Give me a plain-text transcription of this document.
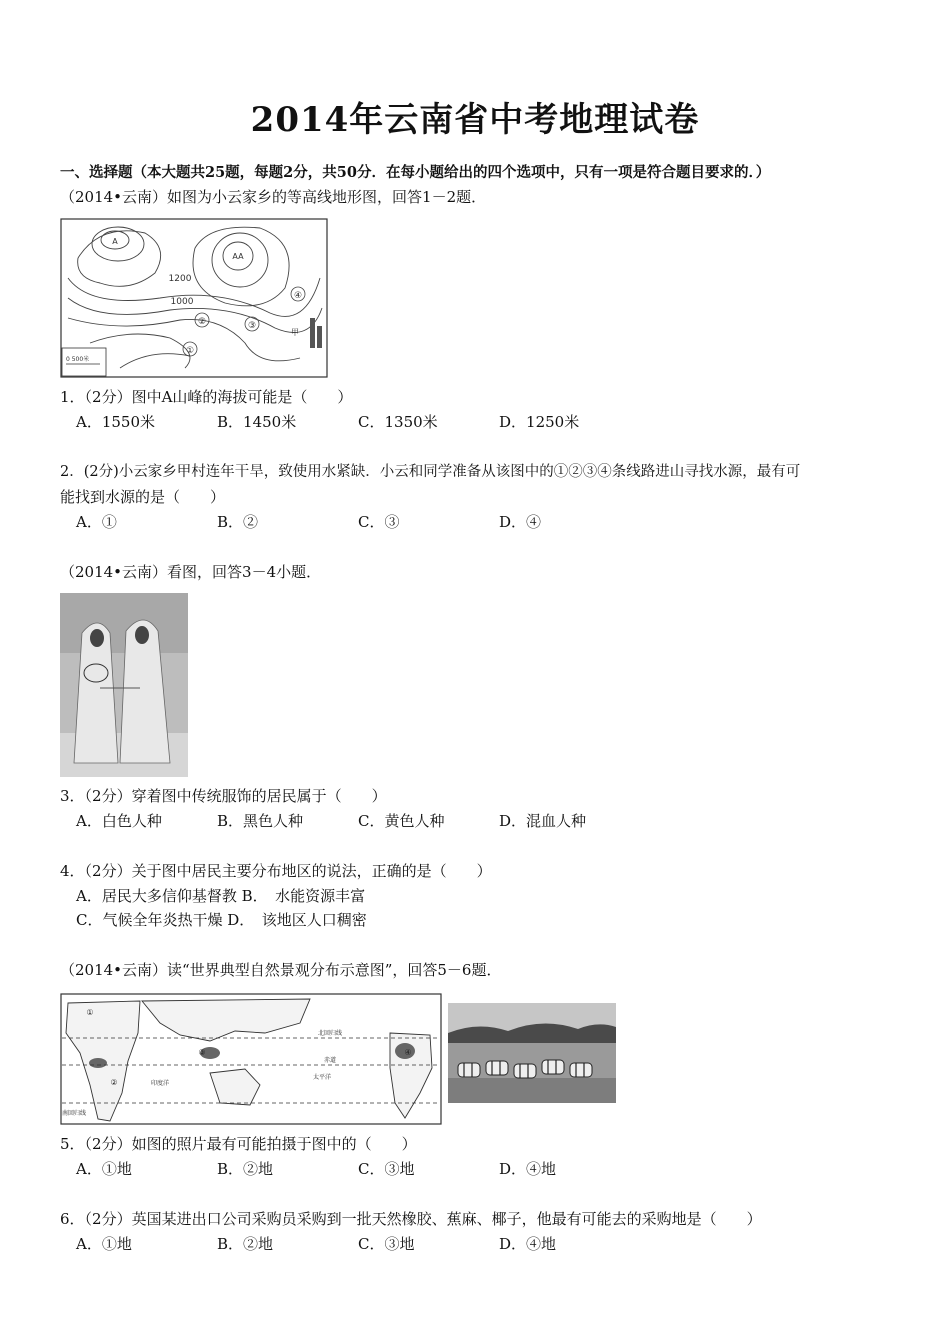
2014年云南省中考地理试卷
一、选择题（本大题共25题，每题2分，共50分．在每小题给出的四个选项中，只有一项是符合题目要求的．）
（2014•云南）如图为小云家乡的等高线地形图，回答1－2题．
1200
1000
②	③
④
①
A
AA
甲
0 500米
1．（2分）图中A山峰的海拔可能是（　　）
A．1550米	B．1450米	C．1350米	D．1250米
2．(2分)小云家乡甲村连年干旱，致使用水紧缺．小云和同学准备从该图中的①②③④条线路进山寻找水源，最有可
能找到水源的是（　　）
A．①	B．②	C．③	D．④
（2014•云南）看图，回答3－4小题．
3．（2分）穿着图中传统服饰的居民属于（　　）
A．白色人种	B．黑色人种	C．黄色人种	D．混血人种
4．（2分）关于图中居民主要分布地区的说法，正确的是（　　）
A．居民大多信仰基督教 B．　水能资源丰富
C．气候全年炎热干燥 D．　该地区人口稠密
（2014•云南）读“世界典型自然景观分布示意图”，回答5－6题．
①
②
③	④
北回归线
赤道
南回归线
印度洋
太平洋
5．（2分）如图的照片最有可能拍摄于图中的（　　）
A．①地	B．②地	C．③地	D．④地
6．（2分）英国某进出口公司采购员采购到一批天然橡胶、蕉麻、椰子，他最有可能去的采购地是（　　）
A．①地	B．②地	C．③地	D．④地
